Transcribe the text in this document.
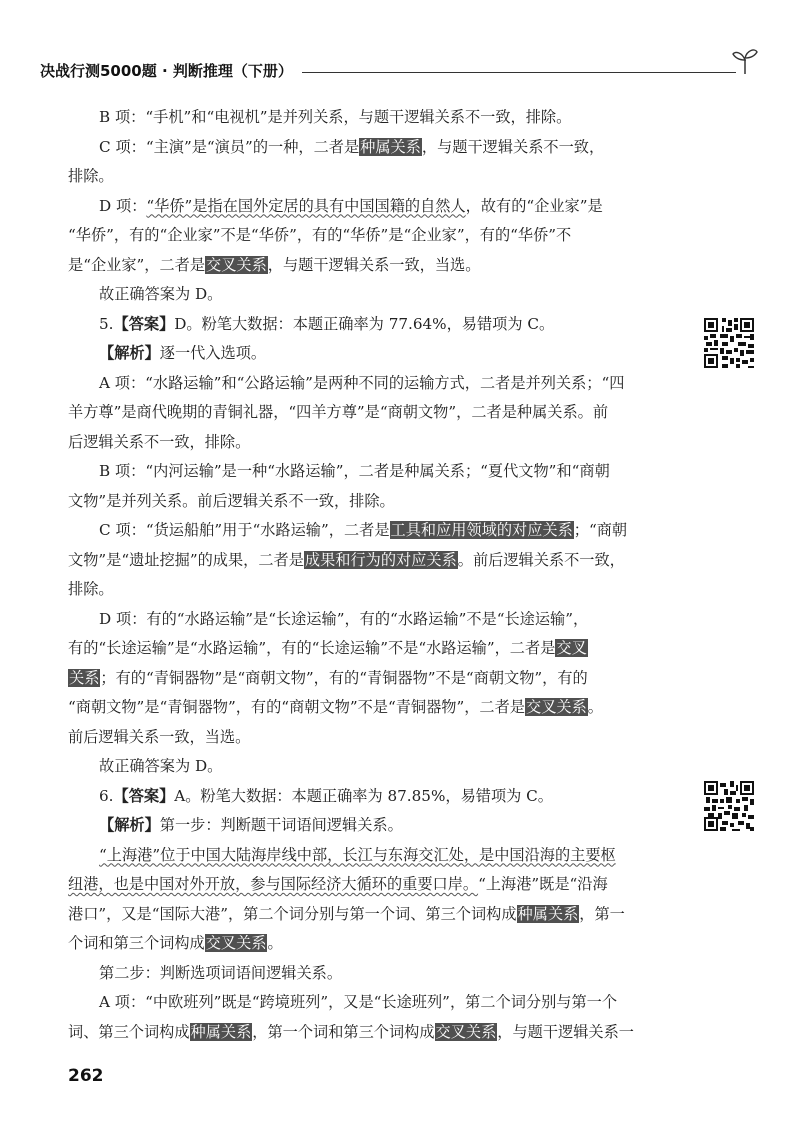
决战行测5000题 · 判断推理（下册）

B 项：“手机”和“电视机”是并列关系，与题干逻辑关系不一致，排除。

C 项：“主演”是“演员”的一种，二者是种属关系，与题干逻辑关系不一致，

排除。

D 项：“华侨”是指在国外定居的具有中国国籍的自然人，故有的“企业家”是

“华侨”，有的“企业家”不是“华侨”，有的“华侨”是“企业家”，有的“华侨”不

是“企业家”，二者是交叉关系，与题干逻辑关系一致，当选。

故正确答案为 D。

5.【答案】D。粉笔大数据：本题正确率为 77.64%，易错项为 C。

【解析】逐一代入选项。

A 项：“水路运输”和“公路运输”是两种不同的运输方式，二者是并列关系；“四

羊方尊”是商代晚期的青铜礼器，“四羊方尊”是“商朝文物”，二者是种属关系。前

后逻辑关系不一致，排除。

B 项：“内河运输”是一种“水路运输”，二者是种属关系；“夏代文物”和“商朝

文物”是并列关系。前后逻辑关系不一致，排除。

C 项：“货运船舶”用于“水路运输”，二者是工具和应用领域的对应关系；“商朝

文物”是“遗址挖掘”的成果，二者是成果和行为的对应关系。前后逻辑关系不一致，

排除。

D 项：有的“水路运输”是“长途运输”，有的“水路运输”不是“长途运输”，

有的“长途运输”是“水路运输”，有的“长途运输”不是“水路运输”，二者是交叉

关系；有的“青铜器物”是“商朝文物”，有的“青铜器物”不是“商朝文物”，有的

“商朝文物”是“青铜器物”，有的“商朝文物”不是“青铜器物”，二者是交叉关系。

前后逻辑关系一致，当选。

故正确答案为 D。

6.【答案】A。粉笔大数据：本题正确率为 87.85%，易错项为 C。

【解析】第一步：判断题干词语间逻辑关系。

“上海港”位于中国大陆海岸线中部，长江与东海交汇处，是中国沿海的主要枢

纽港，也是中国对外开放，参与国际经济大循环的重要口岸。“上海港”既是“沿海

港口”，又是“国际大港”，第二个词分别与第一个词、第三个词构成种属关系，第一

个词和第三个词构成交叉关系。

第二步：判断选项词语间逻辑关系。

A 项：“中欧班列”既是“跨境班列”，又是“长途班列”，第二个词分别与第一个

词、第三个词构成种属关系，第一个词和第三个词构成交叉关系，与题干逻辑关系一

262
